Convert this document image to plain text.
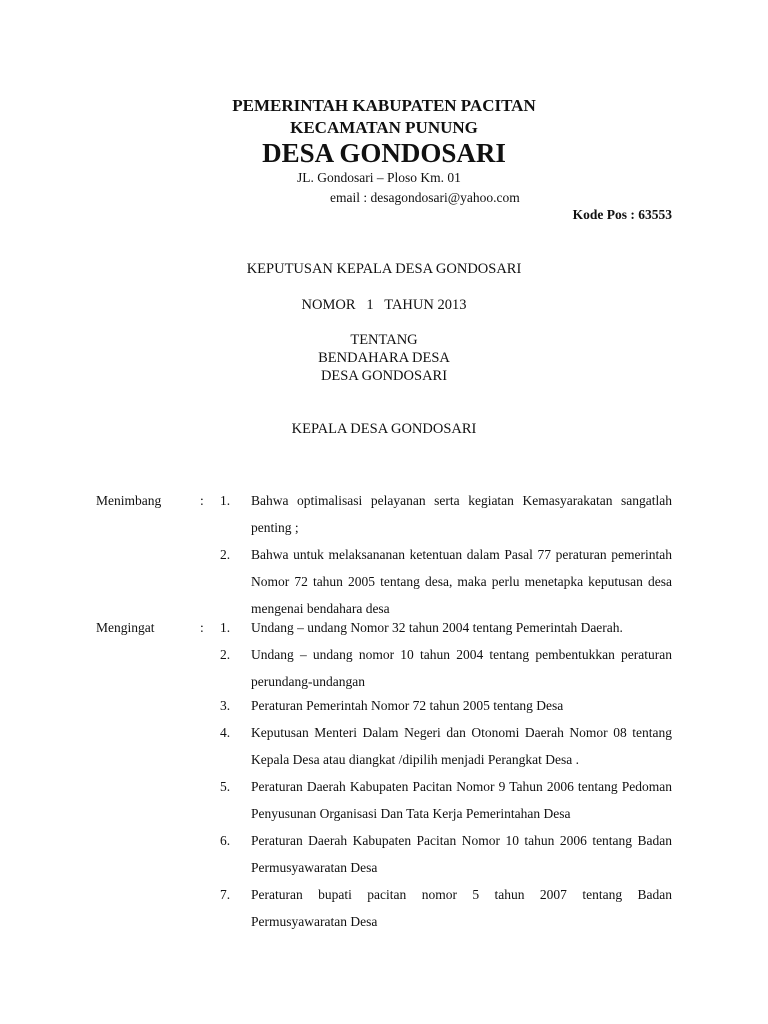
PEMERINTAH KABUPATEN PACITAN
KECAMATAN PUNUNG
DESA GONDOSARI
JL. Gondosari – Ploso Km. 01
email : desagondosari@yahoo.com
Kode Pos : 63553
KEPUTUSAN KEPALA DESA GONDOSARI
NOMOR   1   TAHUN 2013
TENTANG
BENDAHARA DESA
DESA GONDOSARI
KEPALA DESA GONDOSARI
Menimbang	: 1.	Bahwa optimalisasi pelayanan serta kegiatan Kemasyarakatan sangatlah penting ;
2.	Bahwa untuk melaksananan ketentuan dalam Pasal 77 peraturan pemerintah Nomor 72 tahun 2005 tentang desa, maka perlu menetapka keputusan desa mengenai bendahara desa
Mengingat	: 1.	Undang – undang Nomor 32 tahun 2004 tentang Pemerintah Daerah.
2.	Undang – undang nomor 10 tahun 2004 tentang pembentukkan peraturan perundang-undangan
3.	Peraturan Pemerintah Nomor 72 tahun 2005 tentang Desa
4.	Keputusan Menteri Dalam Negeri dan Otonomi Daerah Nomor 08 tentang Kepala Desa atau diangkat /dipilih menjadi Perangkat Desa .
5.	Peraturan Daerah Kabupaten Pacitan Nomor 9 Tahun 2006 tentang Pedoman Penyusunan Organisasi Dan Tata Kerja Pemerintahan Desa
6.	Peraturan Daerah Kabupaten Pacitan Nomor 10 tahun 2006 tentang Badan Permusyawaratan Desa
7.	Peraturan bupati pacitan nomor 5 tahun 2007 tentang Badan Permusyawaratan Desa
